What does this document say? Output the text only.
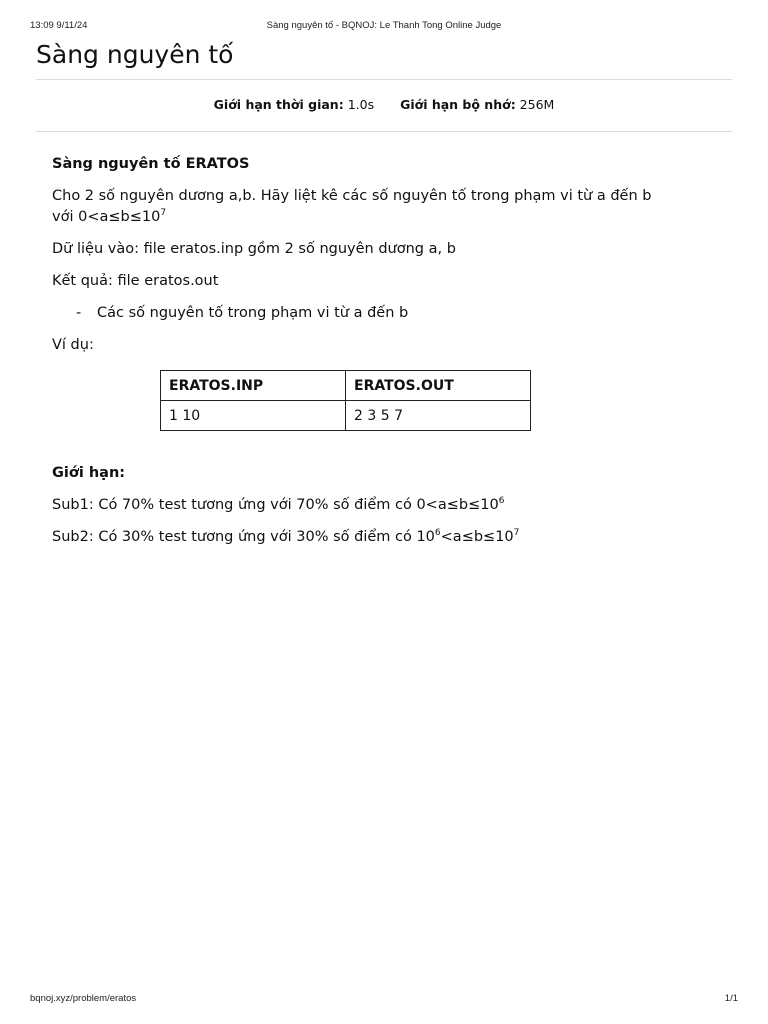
13:09 9/11/24	Sàng nguyên tố - BQNOJ: Le Thanh Tong Online Judge
Sàng nguyên tố
Giới hạn thời gian: 1.0s Giới hạn bộ nhớ: 256M

Sàng nguyên tố ERATOS

Cho 2 số nguyên dương a,b. Hãy liệt kê các số nguyên tố trong phạm vi từ a đến b với $0<a\le b\le 10^7$

Dữ liệu vào: file eratos.inp gồm 2 số nguyên dương a, b

Kết quả: file eratos.out

- Các số nguyên tố trong phạm vi từ a đến b

Ví dụ:

ERATOS.INP	ERATOS.OUT
1 10	2 3 5 7

Giới hạn:

Sub1: Có 70% test tương ứng với 70% số điểm có $0<a\le b\le 10^6$

Sub2: Có 30% test tương ứng với 30% số điểm có $10^6<a\le b\le 10^7$

bqnoj.xyz/problem/eratos	1/1
